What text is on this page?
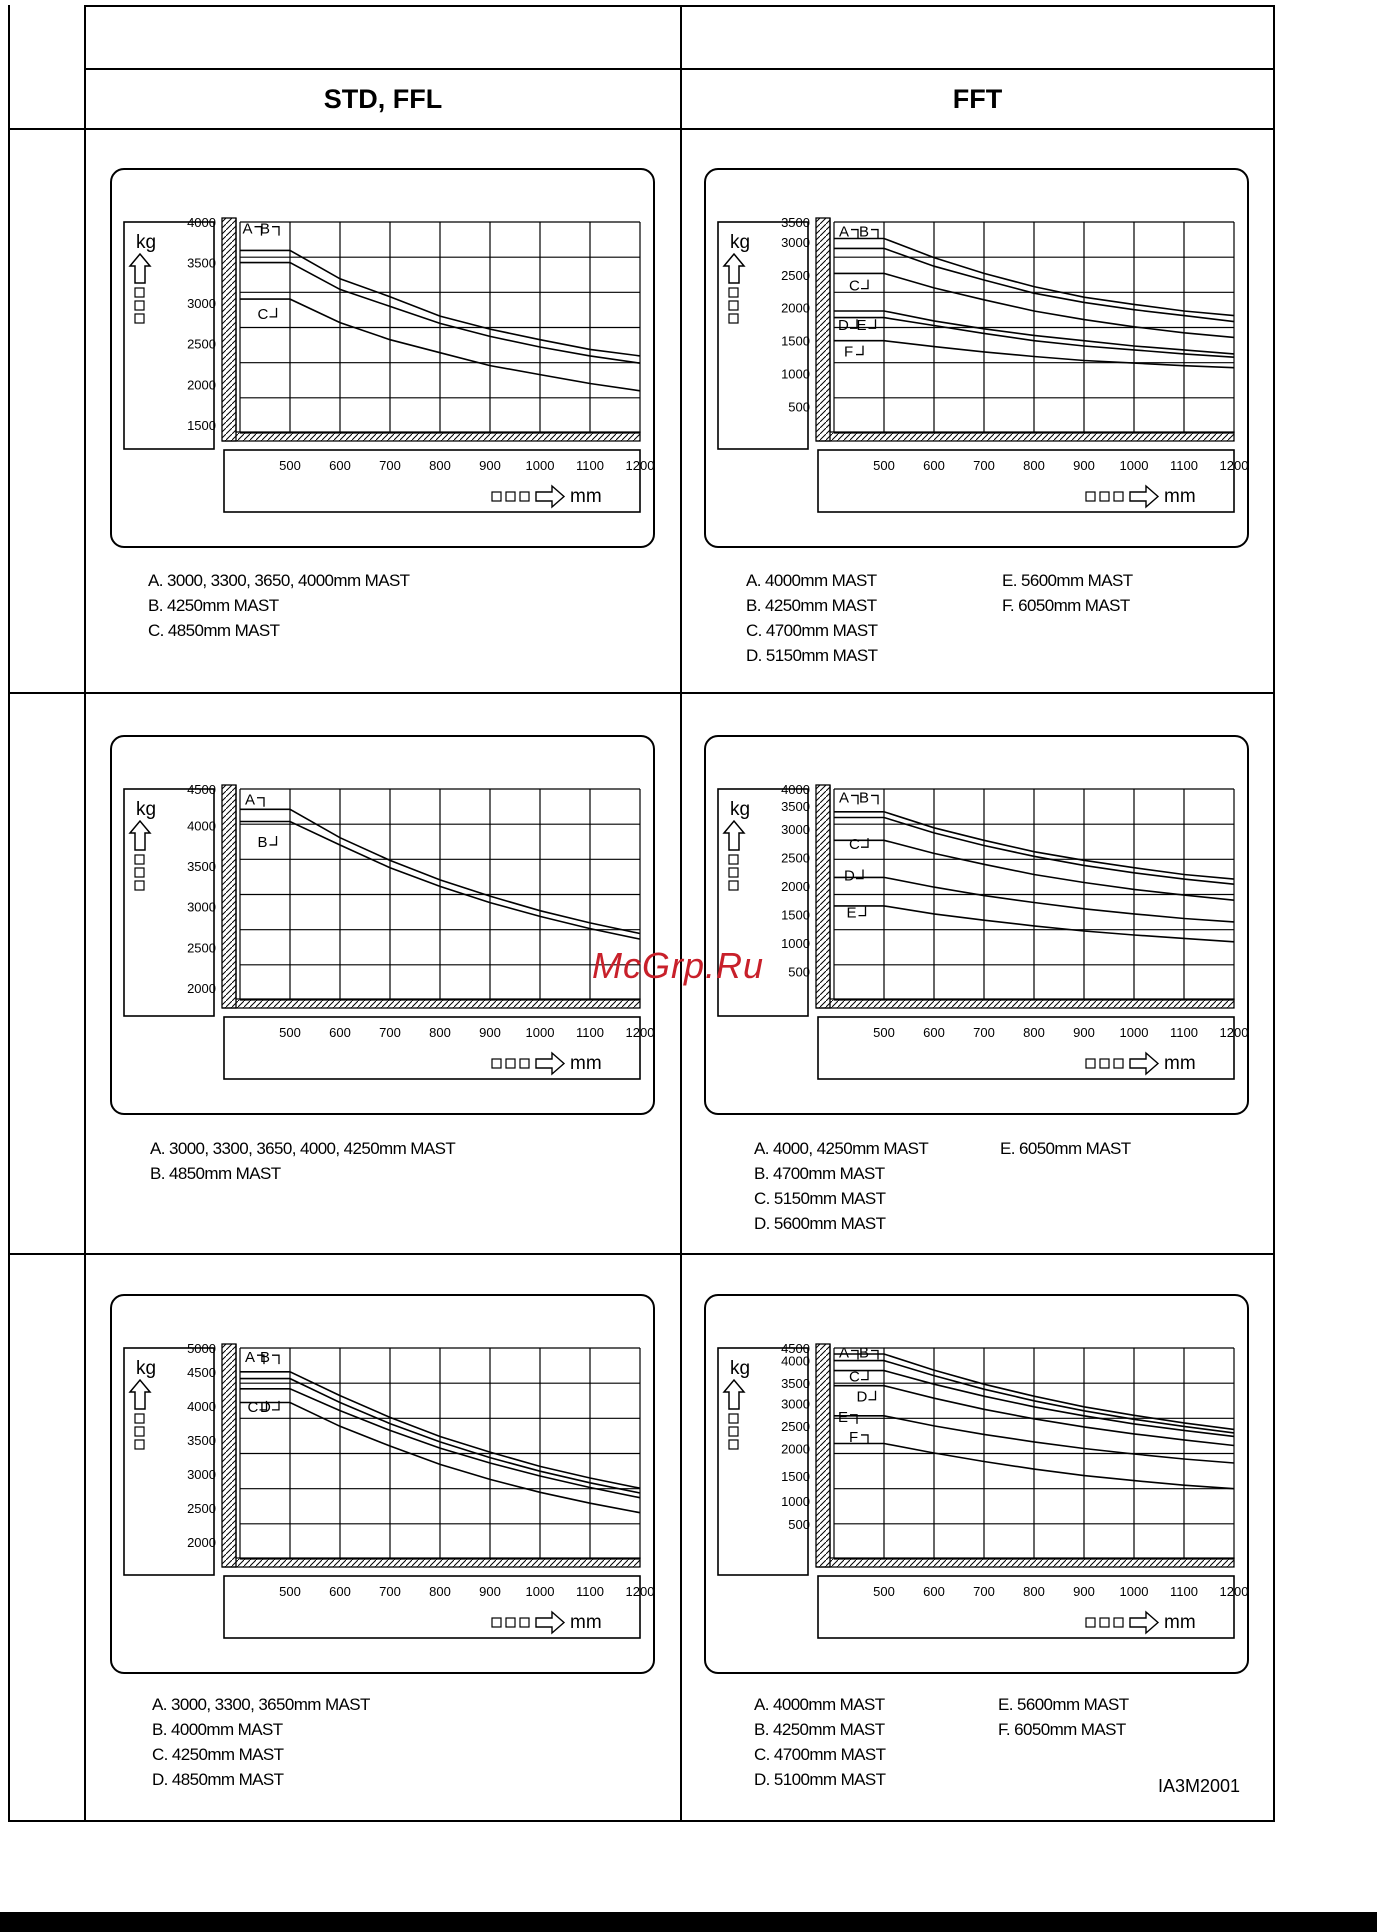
STD, FFL	FFT
kg
4000
3500
3000
2500
2000
1500
500 600 700 800 900 1000 1100 1200
mm
A B
C
kg
3500
3000
2500
2000
1500
1000
500
500 600 700 800 900 1000 1100 1200
mm
A B
C
D E
F
kg
4500
4000
3500
3000
2500
2000
500 600 700 800 900 1000 1100 1200
mm
A
B
kg
4000
3500
3000
2500
2000
1500
1000
500
500 600 700 800 900 1000 1100 1200
mm
A B
C
D
E
kg
5000
4500
4000
3500
3000
2500
2000
500 600 700 800 900 1000 1100 1200
mm
A B
C D
kg
4500
4000
3500
3000
2500
2000
1500
1000
500
500 600 700 800 900 1000 1100 1200
mm
A B
C
D
E
F
A. 3000, 3300, 3650, 4000mm MAST
B. 4250mm MAST
C. 4850mm MAST
A. 4000mm MAST
B. 4250mm MAST
C. 4700mm MAST
D. 5150mm MAST
E. 5600mm MAST
F. 6050mm MAST
A. 3000, 3300, 3650, 4000, 4250mm MAST
B. 4850mm MAST
A. 4000, 4250mm MAST
B. 4700mm MAST
C. 5150mm MAST
D. 5600mm MAST
E. 6050mm MAST
A. 3000, 3300, 3650mm MAST
B. 4000mm MAST
C. 4250mm MAST
D. 4850mm MAST
A. 4000mm MAST
B. 4250mm MAST
C. 4700mm MAST
D. 5100mm MAST
E. 5600mm MAST
F. 6050mm MAST
IA3M2001
McGrp.Ru
